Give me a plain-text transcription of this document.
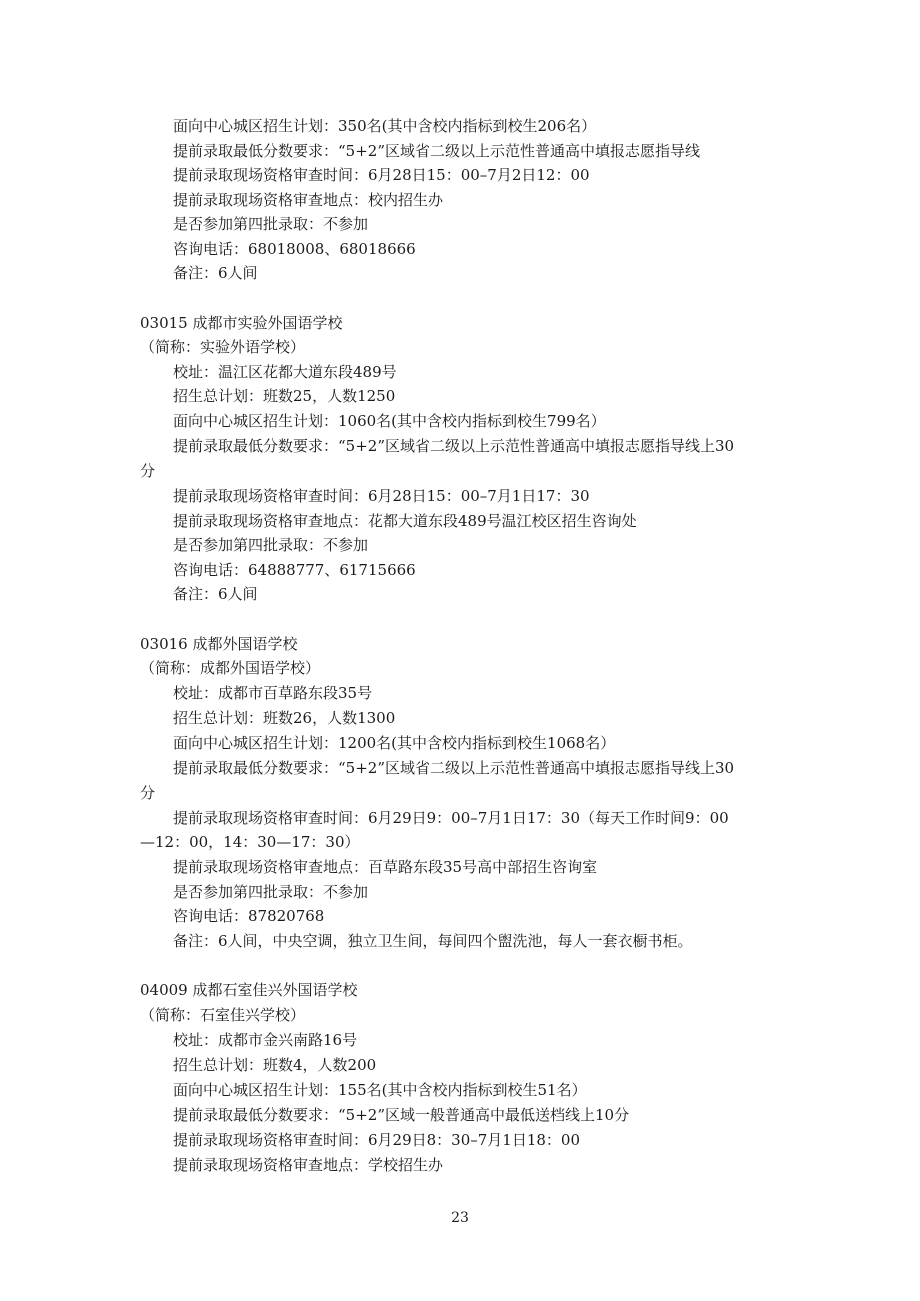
面向中心城区招生计划：350名(其中含校内指标到校生206名）
提前录取最低分数要求：“5+2”区域省二级以上示范性普通高中填报志愿指导线
提前录取现场资格审查时间：6月28日15：00–7月2日12：00
提前录取现场资格审查地点：校内招生办
是否参加第四批录取：不参加
咨询电话：68018008、68018666
备注：6人间
03015 成都市实验外国语学校
（简称：实验外语学校）
校址：温江区花都大道东段489号
招生总计划：班数25，人数1250
面向中心城区招生计划：1060名(其中含校内指标到校生799名）
提前录取最低分数要求：“5+2”区域省二级以上示范性普通高中填报志愿指导线上30
分
提前录取现场资格审查时间：6月28日15：00–7月1日17：30
提前录取现场资格审查地点：花都大道东段489号温江校区招生咨询处
是否参加第四批录取：不参加
咨询电话：64888777、61715666
备注：6人间
03016 成都外国语学校
（简称：成都外国语学校）
校址：成都市百草路东段35号
招生总计划：班数26，人数1300
面向中心城区招生计划：1200名(其中含校内指标到校生1068名）
提前录取最低分数要求：“5+2”区域省二级以上示范性普通高中填报志愿指导线上30
分
提前录取现场资格审查时间：6月29日9：00–7月1日17：30（每天工作时间9：00
—12：00，14：30—17：30）
提前录取现场资格审查地点：百草路东段35号高中部招生咨询室
是否参加第四批录取：不参加
咨询电话：87820768
备注：6人间，中央空调，独立卫生间，每间四个盥洗池，每人一套衣橱书柜。
04009 成都石室佳兴外国语学校
（简称：石室佳兴学校）
校址：成都市金兴南路16号
招生总计划：班数4，人数200
面向中心城区招生计划：155名(其中含校内指标到校生51名）
提前录取最低分数要求：“5+2”区域一般普通高中最低送档线上10分
提前录取现场资格审查时间：6月29日8：30–7月1日18：00
提前录取现场资格审查地点：学校招生办
23
